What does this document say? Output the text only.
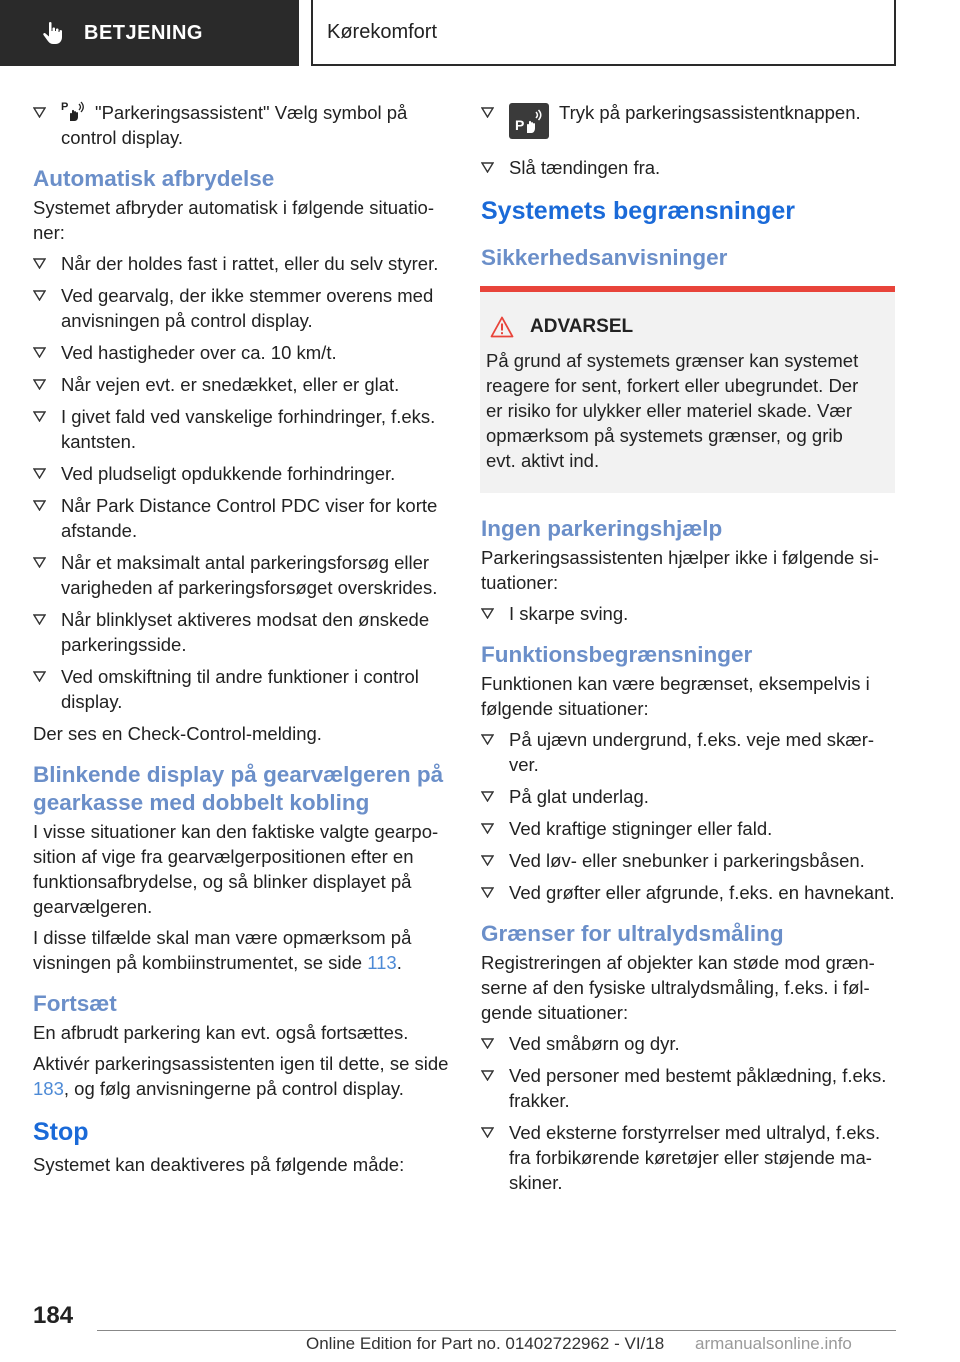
BETJENING	Kørekomfort
P "Parkeringsassistent" Vælg symbol på control display.
Automatisk afbrydelse

Systemet afbryder automatisk i følgende situationer:

Når der holdes fast i rattet, eller du selv styrer.
Ved gearvalg, der ikke stemmer overens med anvisningen på control display.
Ved hastigheder over ca. 10 km/t.
Når vejen evt. er snedækket, eller er glat.
I givet fald ved vanskelige forhindringer, f.eks. kantsten.
Ved pludseligt opdukkende forhindringer.
Når Park Distance Control PDC viser for korte afstande.
Når et maksimalt antal parkeringsforsøg eller varigheden af parkeringsforsøget overskrides.
Når blinklyset aktiveres modsat den ønskede parkeringsside.
Ved omskiftning til andre funktioner i control display.

Der ses en Check-Control-melding.

Blinkende display på gearvælgeren på gearkasse med dobbelt kobling

I visse situationer kan den faktiske valgte gearposition af vige fra gearvælgerpositionen efter en funktionsafbrydelse, og så blinker displayet på gearvælgeren.

I disse tilfælde skal man være opmærksom på visningen på kombiinstrumentet, se side 113.

Fortsæt

En afbrudt parkering kan evt. også fortsættes.

Aktivér parkeringsassistenten igen til dette, se side 183, og følg anvisningerne på control display.

Stop

Systemet kan deaktiveres på følgende måde:

P
Tryk på parkeringsassistentknappen.
Slå tændingen fra.
Systemets begrænsninger
Sikkerhedsanvisninger
ADVARSEL

På grund af systemets grænser kan systemet reagere for sent, forkert eller ubegrundet. Der er risiko for ulykker eller materiel skade. Vær opmærksom på systemets grænser, og grib evt. aktivt ind.

Ingen parkeringshjælp

Parkeringsassistenten hjælper ikke i følgende situationer:

I skarpe sving.
Funktionsbegrænsninger

Funktionen kan være begrænset, eksempelvis i følgende situationer:

På ujævn undergrund, f.eks. veje med skærver.
På glat underlag.
Ved kraftige stigninger eller fald.
Ved løv- eller snebunker i parkeringsbåsen.
Ved grøfter eller afgrunde, f.eks. en havnekant.
Grænser for ultralydsmåling

Registreringen af objekter kan støde mod grænserne af den fysiske ultralydsmåling, f.eks. i følgende situationer:

Ved småbørn og dyr.
Ved personer med bestemt påklædning, f.eks. frakker.
Ved eksterne forstyrrelser med ultralyd, f.eks. fra forbikørende køretøjer eller støjende maskiner.
184
Online Edition for Part no. 01402722962 - VI/18 armanualsonline.info
